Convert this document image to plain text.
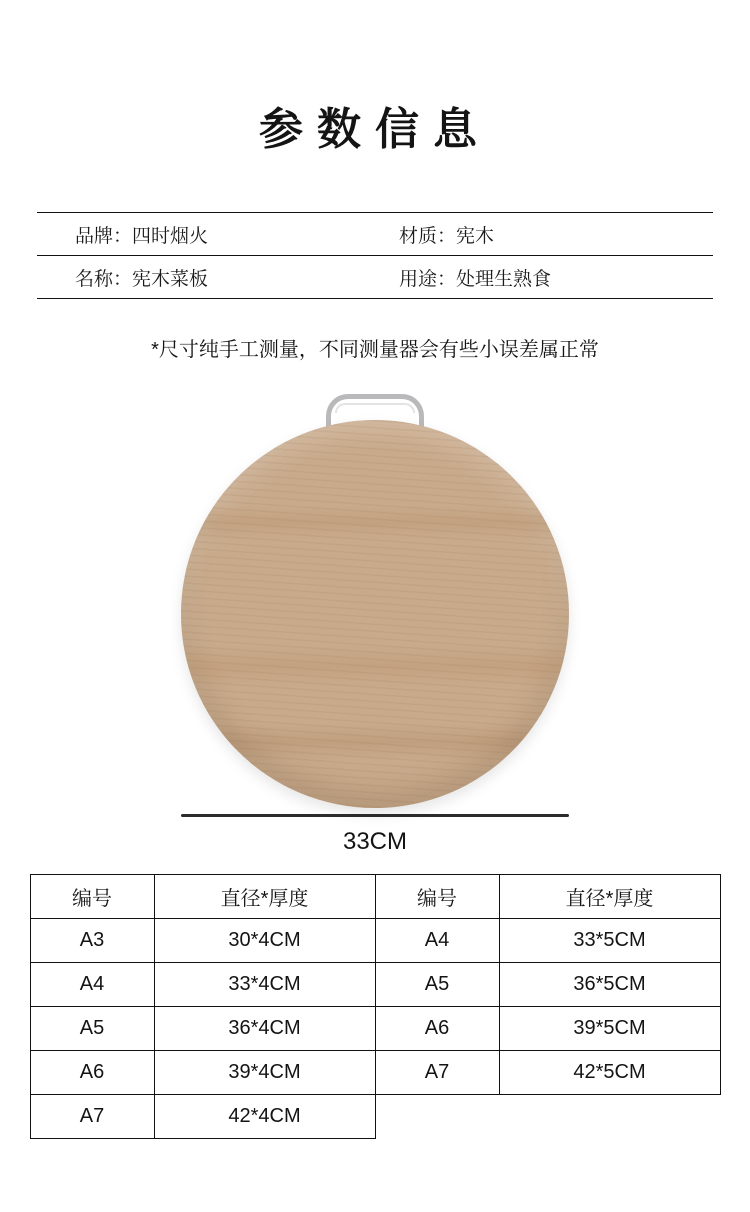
参数信息
品牌：四时烟火	材质：宪木
名称：宪木菜板	用途：处理生熟食
*尺寸纯手工测量，不同测量器会有些小误差属正常
33CM
编号	直径*厚度	编号	直径*厚度
A3	30*4CM	A4	33*5CM
A4	33*4CM	A5	36*5CM
A5	36*4CM	A6	39*5CM
A6	39*4CM	A7	42*5CM
A7	42*4CM		
